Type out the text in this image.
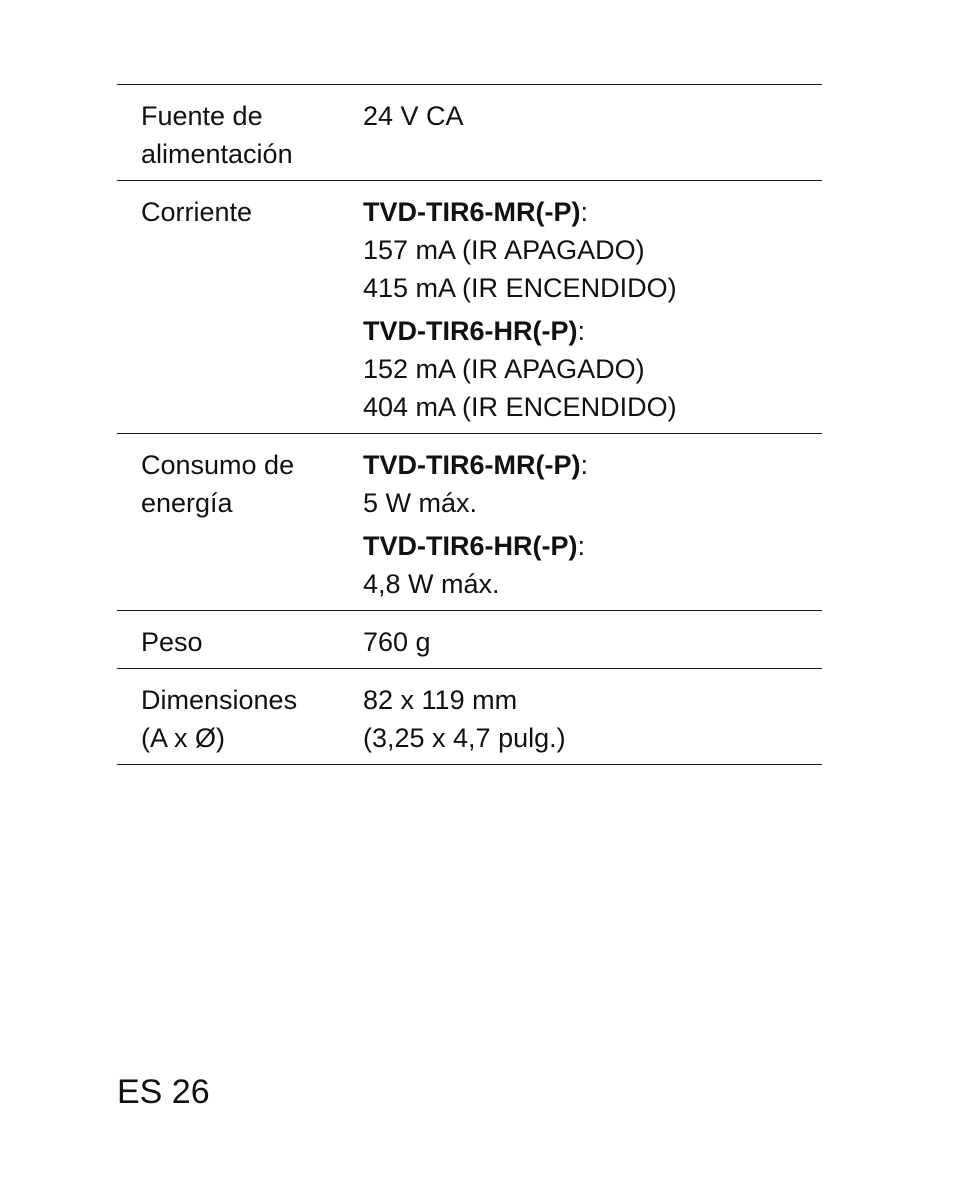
Fuente de
alimentación
24 V CA
Corriente	TVD-TIR6-MR(-P):
157 mA (IR APAGADO)
415 mA (IR ENCENDIDO)
TVD-TIR6-HR(-P):
152 mA (IR APAGADO)
404 mA (IR ENCENDIDO)
Consumo de
energía
TVD-TIR6-MR(-P):
5 W máx.
TVD-TIR6-HR(-P):
4,8 W máx.
Peso	760 g
Dimensiones
(A x Ø)
82 x 119 mm
(3,25 x 4,7 pulg.)
ES 26
